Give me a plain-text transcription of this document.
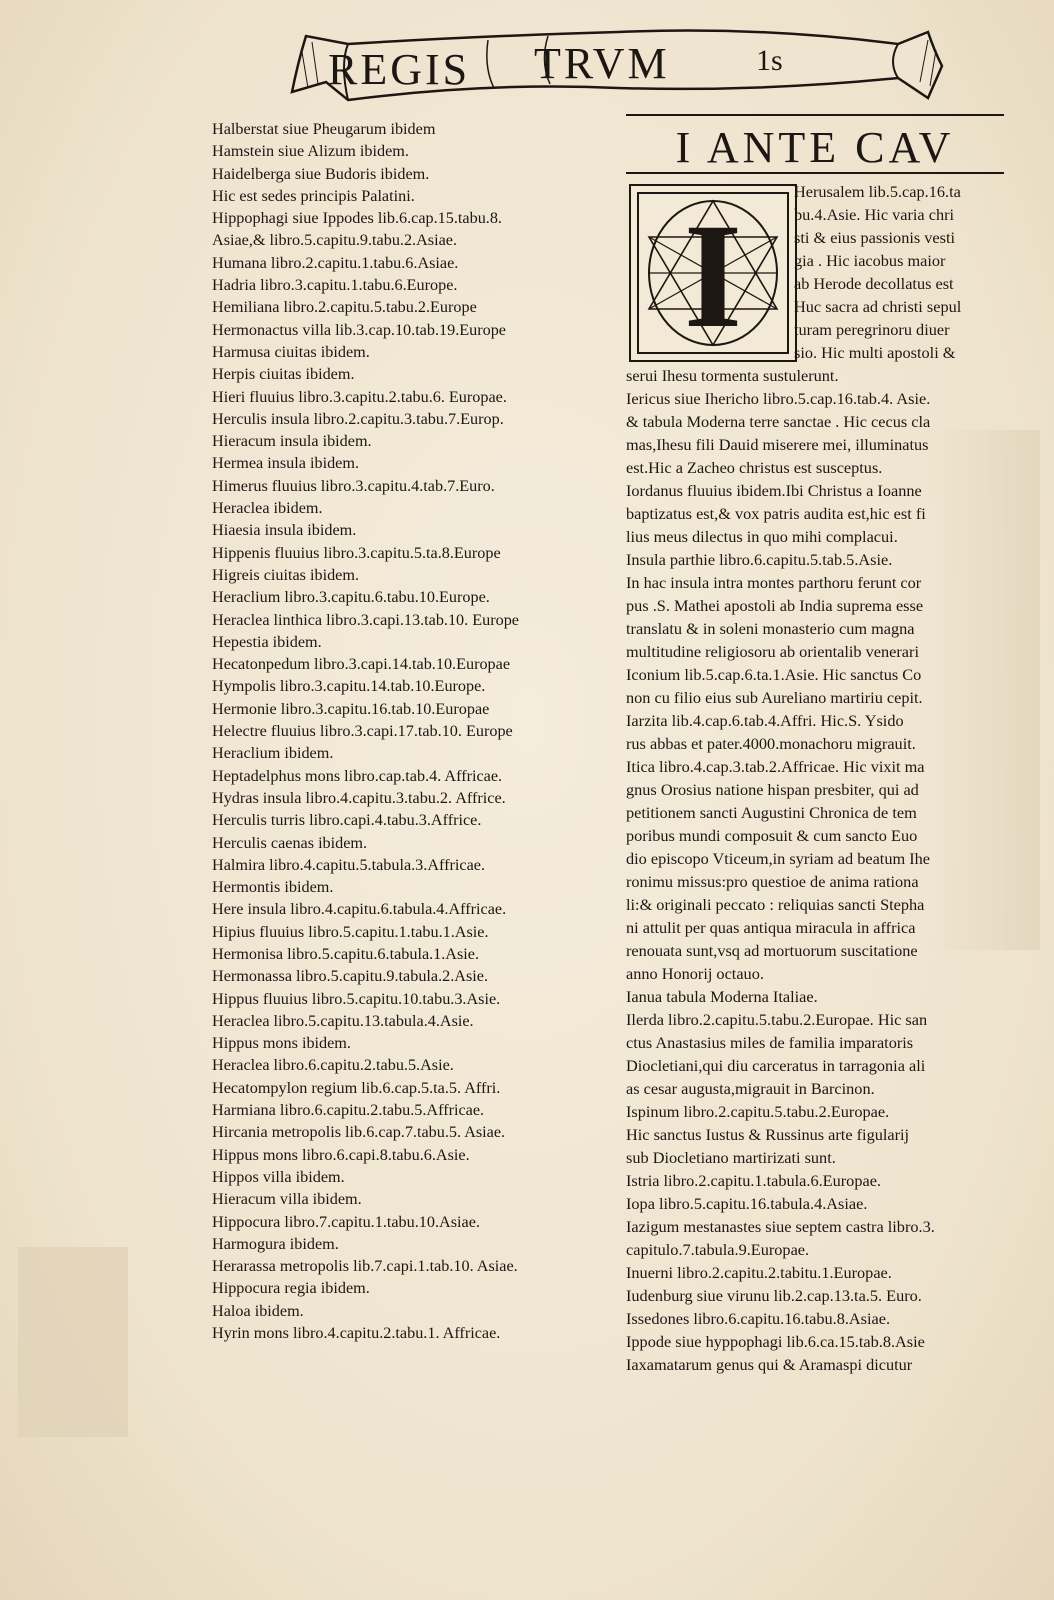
REGIS TRVM	1s
Halberstat siue Pheugarum ibidem
Hamstein siue Alizum ibidem.
Haidelberga siue Budoris ibidem.
Hic est sedes principis Palatini.
Hippophagi siue Ippodes lib.6.cap.15.tabu.8.
Asiae,& libro.5.capitu.9.tabu.2.Asiae.
Humana libro.2.capitu.1.tabu.6.Asiae.
Hadria libro.3.capitu.1.tabu.6.Europe.
Hemiliana libro.2.capitu.5.tabu.2.Europe
Hermonactus villa lib.3.cap.10.tab.19.Europe
Harmusa ciuitas ibidem.
Herpis ciuitas ibidem.
Hieri fluuius libro.3.capitu.2.tabu.6. Europae.
Herculis insula libro.2.capitu.3.tabu.7.Europ.
Hieracum insula ibidem.
Hermea insula ibidem.
Himerus fluuius libro.3.capitu.4.tab.7.Euro.
Heraclea ibidem.
Hiaesia insula ibidem.
Hippenis fluuius libro.3.capitu.5.ta.8.Europe
Higreis ciuitas ibidem.
Heraclium libro.3.capitu.6.tabu.10.Europe.
Heraclea linthica libro.3.capi.13.tab.10. Europe
Hepestia ibidem.
Hecatonpedum libro.3.capi.14.tab.10.Europae
Hympolis libro.3.capitu.14.tab.10.Europe.
Hermonie libro.3.capitu.16.tab.10.Europae
Helectre fluuius libro.3.capi.17.tab.10. Europe
Heraclium ibidem.
Heptadelphus mons libro.cap.tab.4. Affricae.
Hydras insula libro.4.capitu.3.tabu.2. Affrice.
Herculis turris libro.capi.4.tabu.3.Affrice.
Herculis caenas ibidem.
Halmira libro.4.capitu.5.tabula.3.Affricae.
Hermontis ibidem.
Here insula libro.4.capitu.6.tabula.4.Affricae.
Hipius fluuius libro.5.capitu.1.tabu.1.Asie.
Hermonisa libro.5.capitu.6.tabula.1.Asie.
Hermonassa libro.5.capitu.9.tabula.2.Asie.
Hippus fluuius libro.5.capitu.10.tabu.3.Asie.
Heraclea libro.5.capitu.13.tabula.4.Asie.
Hippus mons ibidem.
Heraclea libro.6.capitu.2.tabu.5.Asie.
Hecatompylon regium lib.6.cap.5.ta.5. Affri.
Harmiana libro.6.capitu.2.tabu.5.Affricae.
Hircania metropolis lib.6.cap.7.tabu.5. Asiae.
Hippus mons libro.6.capi.8.tabu.6.Asie.
Hippos villa ibidem.
Hieracum villa ibidem.
Hippocura libro.7.capitu.1.tabu.10.Asiae.
Harmogura ibidem.
Herarassa metropolis lib.7.capi.1.tab.10. Asiae.
Hippocura regia ibidem.
Haloa ibidem.
Hyrin mons libro.4.capitu.2.tabu.1. Affricae.
I ANTE CAV
I
Herusalem lib.5.cap.16.ta
bu.4.Asie. Hic varia chri
sti & eius passionis vesti
gia . Hic iacobus maior
ab Herode decollatus est
Huc sacra ad christi sepul
turam peregrinoru diuer
sio. Hic multi apostoli &
serui Ihesu tormenta sustulerunt.
Iericus siue Ihericho libro.5.cap.16.tab.4. Asie.
& tabula Moderna terre sanctae . Hic cecus cla
mas,Ihesu fili Dauid miserere mei, illuminatus
est.Hic a Zacheo christus est susceptus.
Iordanus fluuius ibidem.Ibi Christus a Ioanne
baptizatus est,& vox patris audita est,hic est fi
lius meus dilectus in quo mihi complacui.
Insula parthie libro.6.capitu.5.tab.5.Asie.
In hac insula intra montes parthoru ferunt cor
pus .S. Mathei apostoli ab India suprema esse
translatu & in soleni monasterio cum magna
multitudine religiosoru ab orientalib venerari
Iconium lib.5.cap.6.ta.1.Asie. Hic sanctus Co
non cu filio eius sub Aureliano martiriu cepit.
Iarzita lib.4.cap.6.tab.4.Affri. Hic.S. Ysido
rus abbas et pater.4000.monachoru migrauit.
Itica libro.4.cap.3.tab.2.Affricae. Hic vixit ma
gnus Orosius natione hispan presbiter, qui ad
petitionem sancti Augustini Chronica de tem
poribus mundi composuit & cum sancto Euo
dio episcopo Vticeum,in syriam ad beatum Ihe
ronimu missus:pro questioe de anima rationa
li:& originali peccato : reliquias sancti Stepha
ni attulit per quas antiqua miracula in affrica
renouata sunt,vsq ad mortuorum suscitatione
anno Honorij octauo.
Ianua tabula Moderna Italiae.
Ilerda libro.2.capitu.5.tabu.2.Europae. Hic san
ctus Anastasius miles de familia imparatoris
Diocletiani,qui diu carceratus in tarragonia ali
as cesar augusta,migrauit in Barcinon.
Ispinum libro.2.capitu.5.tabu.2.Europae.
Hic sanctus Iustus & Russinus arte figularij
sub Diocletiano martirizati sunt.
Istria libro.2.capitu.1.tabula.6.Europae.
Iopa libro.5.capitu.16.tabula.4.Asiae.
Iazigum mestanastes siue septem castra libro.3.
capitulo.7.tabula.9.Europae.
Inuerni libro.2.capitu.2.tabitu.1.Europae.
Iudenburg siue virunu lib.2.cap.13.ta.5. Euro.
Issedones libro.6.capitu.16.tabu.8.Asiae.
Ippode siue hyppophagi lib.6.ca.15.tab.8.Asie
Iaxamatarum genus qui & Aramaspi dicutur
